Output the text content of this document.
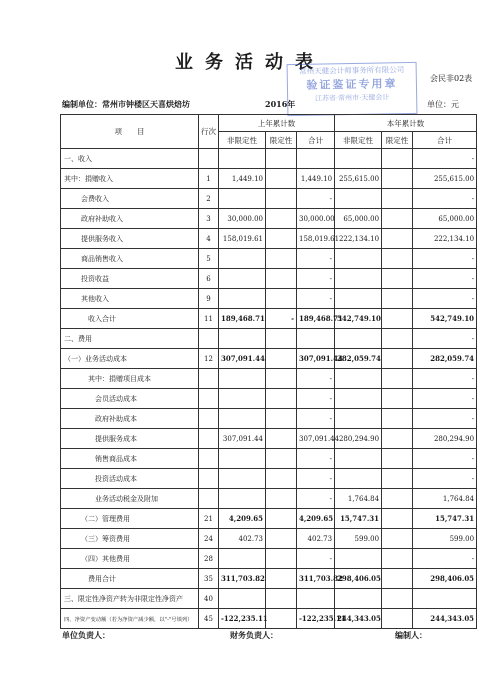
业务活动表
会民非02表
编制单位：常州市钟楼区天喜烘焙坊	2016年	单位：元
常州天健会计师事务所有限公司
验证鉴证专用章
江苏省·常州市·天健会计
项　　目	行次	上年累计数			本年累计数		
		非限定性	限定性	合计	非限定性	限定性	合计
一、收入							-
其中：捐赠收入	1	1,449.10		1,449.10	255,615.00		255,615.00
会费收入	2			-			-
政府补助收入	3	30,000.00		30,000.00	65,000.00		65,000.00
提供服务收入	4	158,019.61		158,019.61	222,134.10		222,134.10
商品销售收入	5			-			-
投资收益	6			-			-
其他收入	9			-			-
收入合计	11	189,468.71	-	189,468.71	542,749.10		542,749.10
二、费用							-
（一）业务活动成本	12	307,091.44		307,091.44	282,059.74		282,059.74
其中：捐赠项目成本				-			-
会员活动成本				-			-
政府补助成本				-			-
提供服务成本		307,091.44		307,091.44	280,294.90		280,294.90
销售商品成本				-			-
投资活动成本				-			-
业务活动税金及附加				-	1,764.84		1,764.84
（二）管理费用	21	4,209.65		4,209.65	15,747.31		15,747.31
（三）筹资费用	24	402.73		402.73	599.00		599.00
（四）其他费用	28			-			-
费用合计	35	311,703.82		311,703.82	298,406.05		298,406.05
三、限定性净资产转为非限定性净资产	40						
四、净资产变动额（若为净资产减少额，以"-"号填列）	45	-122,235.11		-122,235.11	244,343.05		244,343.05
单位负责人：	财务负责人：	编制人：
